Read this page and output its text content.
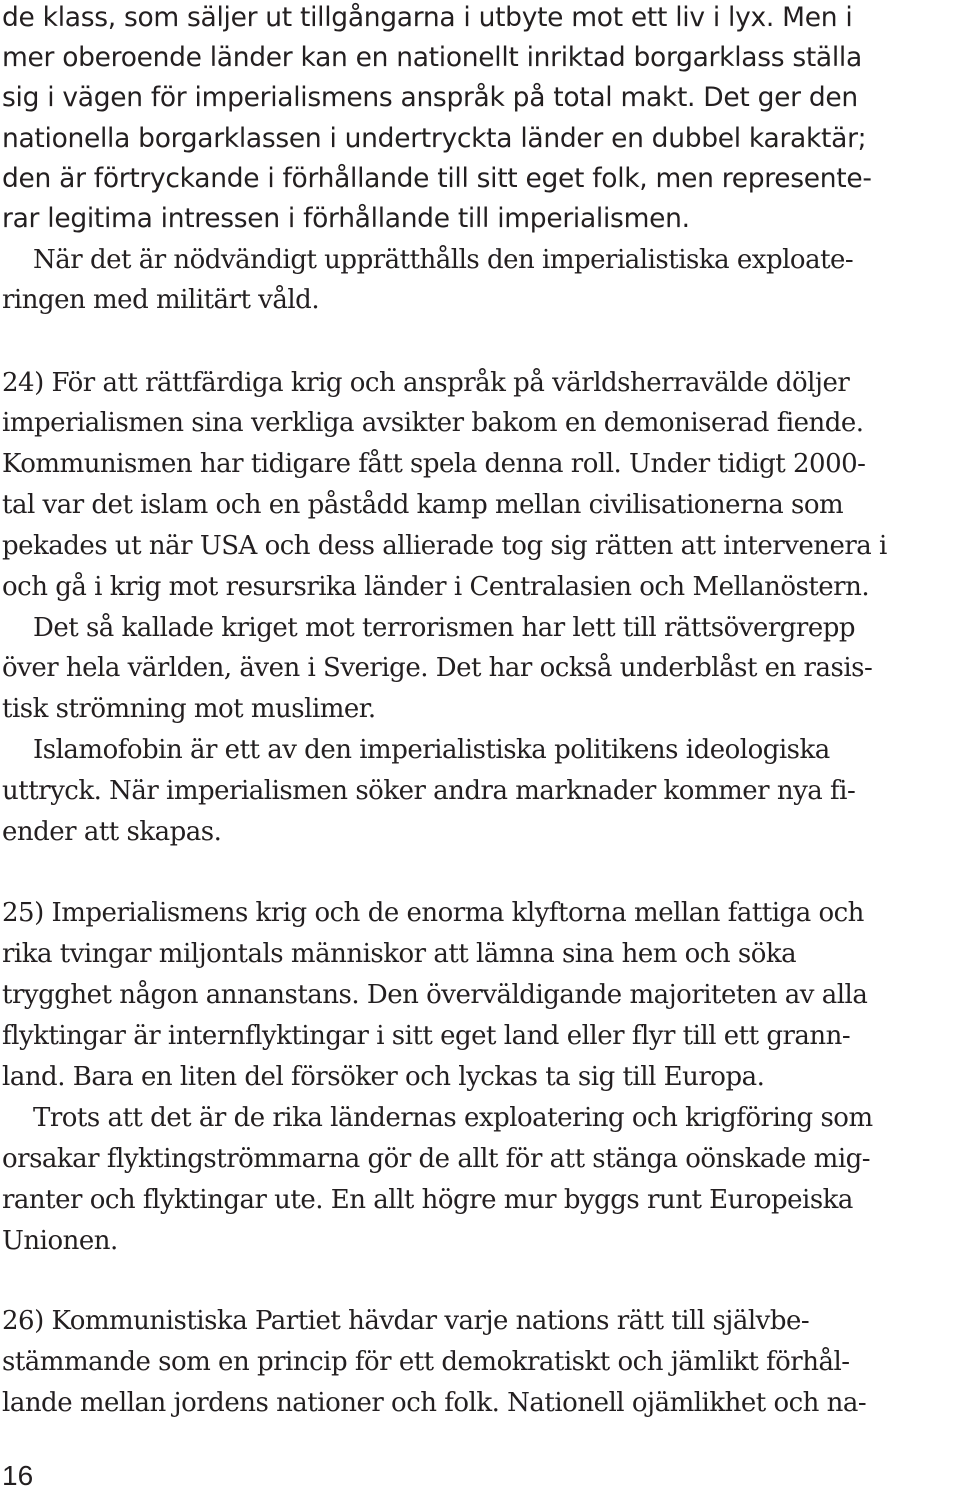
de klass, som säljer ut tillgångarna i utbyte mot ett liv i lyx. Men i
mer oberoende länder kan en nationellt inriktad borgarklass ställa
sig i vägen för imperialismens anspråk på total makt. Det ger den
nationella borgarklassen i undertryckta länder en dubbel karaktär;
den är förtryckande i förhållande till sitt eget folk, men represente-
rar legitima intressen i förhållande till imperialismen.
När det är nödvändigt upprätthålls den imperialistiska exploate-
ringen med militärt våld.
24) För att rättfärdiga krig och anspråk på världsherravälde döljer
imperialismen sina verkliga avsikter bakom en demoniserad fiende.
Kommunismen har tidigare fått spela denna roll. Under tidigt 2000-
tal var det islam och en påstådd kamp mellan civilisationerna som
pekades ut när USA och dess allierade tog sig rätten att intervenera i
och gå i krig mot resursrika länder i Centralasien och Mellanöstern.
Det så kallade kriget mot terrorismen har lett till rättsövergrepp
över hela världen, även i Sverige. Det har också underblåst en rasis-
tisk strömning mot muslimer.
Islamofobin är ett av den imperialistiska politikens ideologiska
uttryck. När imperialismen söker andra marknader kommer nya fi-
ender att skapas.
25) Imperialismens krig och de enorma klyftorna mellan fattiga och
rika tvingar miljontals människor att lämna sina hem och söka
trygghet någon annanstans. Den överväldigande majoriteten av alla
flyktingar är internflyktingar i sitt eget land eller flyr till ett grann-
land. Bara en liten del försöker och lyckas ta sig till Europa.
Trots att det är de rika ländernas exploatering och krigföring som
orsakar flyktingströmmarna gör de allt för att stänga oönskade mig-
ranter och flyktingar ute. En allt högre mur byggs runt Europeiska
Unionen.
26) Kommunistiska Partiet hävdar varje nations rätt till självbe-
stämmande som en princip för ett demokratiskt och jämlikt förhål-
lande mellan jordens nationer och folk. Nationell ojämlikhet och na-
16
